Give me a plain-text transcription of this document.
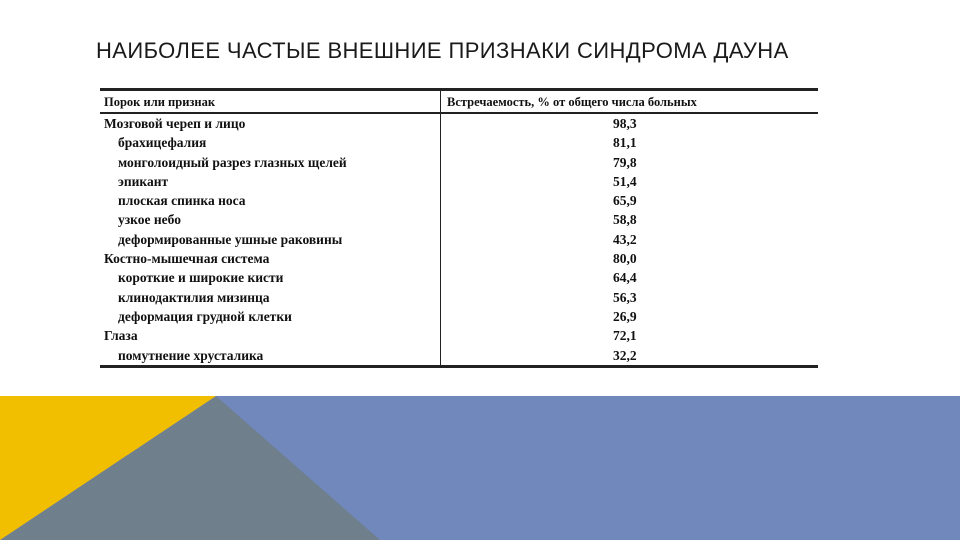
НАИБОЛЕЕ ЧАСТЫЕ ВНЕШНИЕ ПРИЗНАКИ СИНДРОМА ДАУНА
Порок или признак	Встречаемость, % от общего числа больных
Мозговой череп и лицо	98,3
брахицефалия	81,1
монголоидный разрез глазных щелей	79,8
эпикант	51,4
плоская спинка носа	65,9
узкое небо	58,8
деформированные ушные раковины	43,2
Костно-мышечная система	80,0
короткие и широкие кисти	64,4
клинодактилия мизинца	56,3
деформация грудной клетки	26,9
Глаза	72,1
помутнение хрусталика	32,2
